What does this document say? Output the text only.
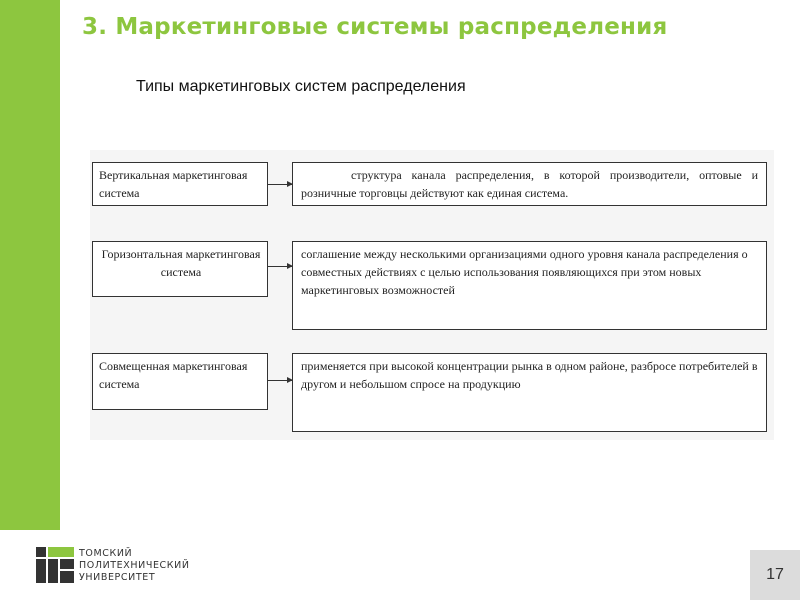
3. Маркетинговые системы распределения
Типы маркетинговых систем распределения
Вертикальная маркетинговая система
структура канала распределения, в которой производители, оптовые и розничные торговцы действуют как единая система.
Горизонтальная маркетинговая система
соглашение между несколькими организациями одного уровня канала распределения о совместных действиях с целью использования появляющихся при этом новых маркетинговых возможностей
Совмещенная маркетинговая система
применяется при высокой концентрации рынка в одном районе, разбросе потребителей в другом и небольшом спросе на продукцию
ТОМСКИЙ
ПОЛИТЕХНИЧЕСКИЙ
УНИВЕРСИТЕТ	17
